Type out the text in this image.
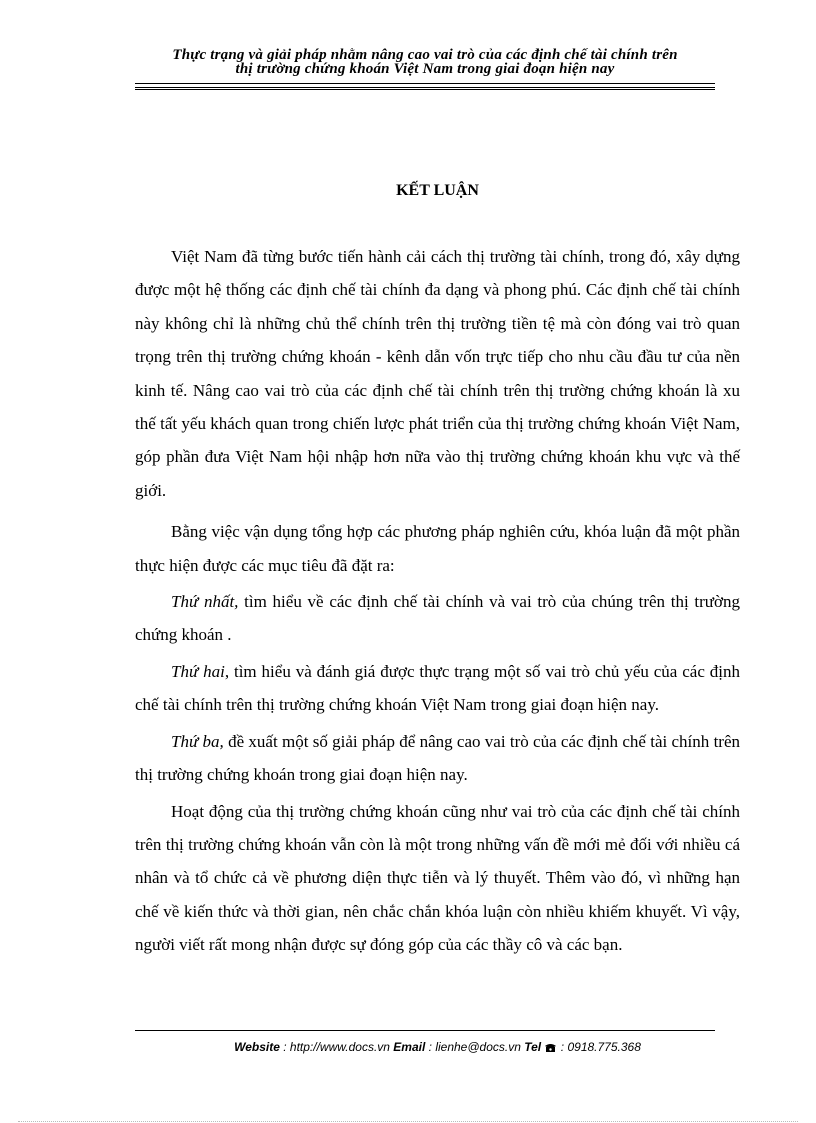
Thực trạng và giải pháp nhằm nâng cao vai trò của các định chế tài chính trên
thị trường chứng khoán Việt Nam trong giai đoạn hiện nay
KẾT LUẬN

Việt Nam đã từng bước tiến hành cải cách thị trường tài chính, trong đó, xây dựng được một hệ thống các định chế tài chính đa dạng và phong phú. Các định chế tài chính này không chỉ là những chủ thể chính trên thị trường tiền tệ mà còn đóng vai trò quan trọng trên thị trường chứng khoán - kênh dẫn vốn trực tiếp cho nhu cầu đầu tư của nền kinh tế. Nâng cao vai trò của các định chế tài chính trên thị trường chứng khoán là xu thế tất yếu khách quan trong chiến lược phát triển của thị trường chứng khoán Việt Nam, góp phần đưa Việt Nam hội nhập hơn nữa vào thị trường chứng khoán khu vực và thế giới.

Bằng việc vận dụng tổng hợp các phương pháp nghiên cứu, khóa luận đã một phần thực hiện được các mục tiêu đã đặt ra:

Thứ nhất, tìm hiểu về các định chế tài chính và vai trò của chúng trên thị trường chứng khoán .

Thứ hai, tìm hiểu và đánh giá được thực trạng một số vai trò chủ yếu của các định chế tài chính trên thị trường chứng khoán Việt Nam trong giai đoạn hiện nay.

Thứ ba, đề xuất một số giải pháp để nâng cao vai trò của các định chế tài chính trên thị trường chứng khoán trong giai đoạn hiện nay.

Hoạt động của thị trường chứng khoán cũng như vai trò của các định chế tài chính trên thị trường chứng khoán vẫn còn là một trong những vấn đề mới mẻ đối với nhiều cá nhân và tổ chức cả về phương diện thực tiễn và lý thuyết. Thêm vào đó, vì những hạn chế về kiến thức và thời gian, nên chắc chắn khóa luận còn nhiều khiếm khuyết. Vì vậy, người viết rất mong nhận được sự đóng góp của các thầy cô và các bạn.

Website : http://www.docs.vn Email : lienhe@docs.vn Tel  : 0918.775.368
